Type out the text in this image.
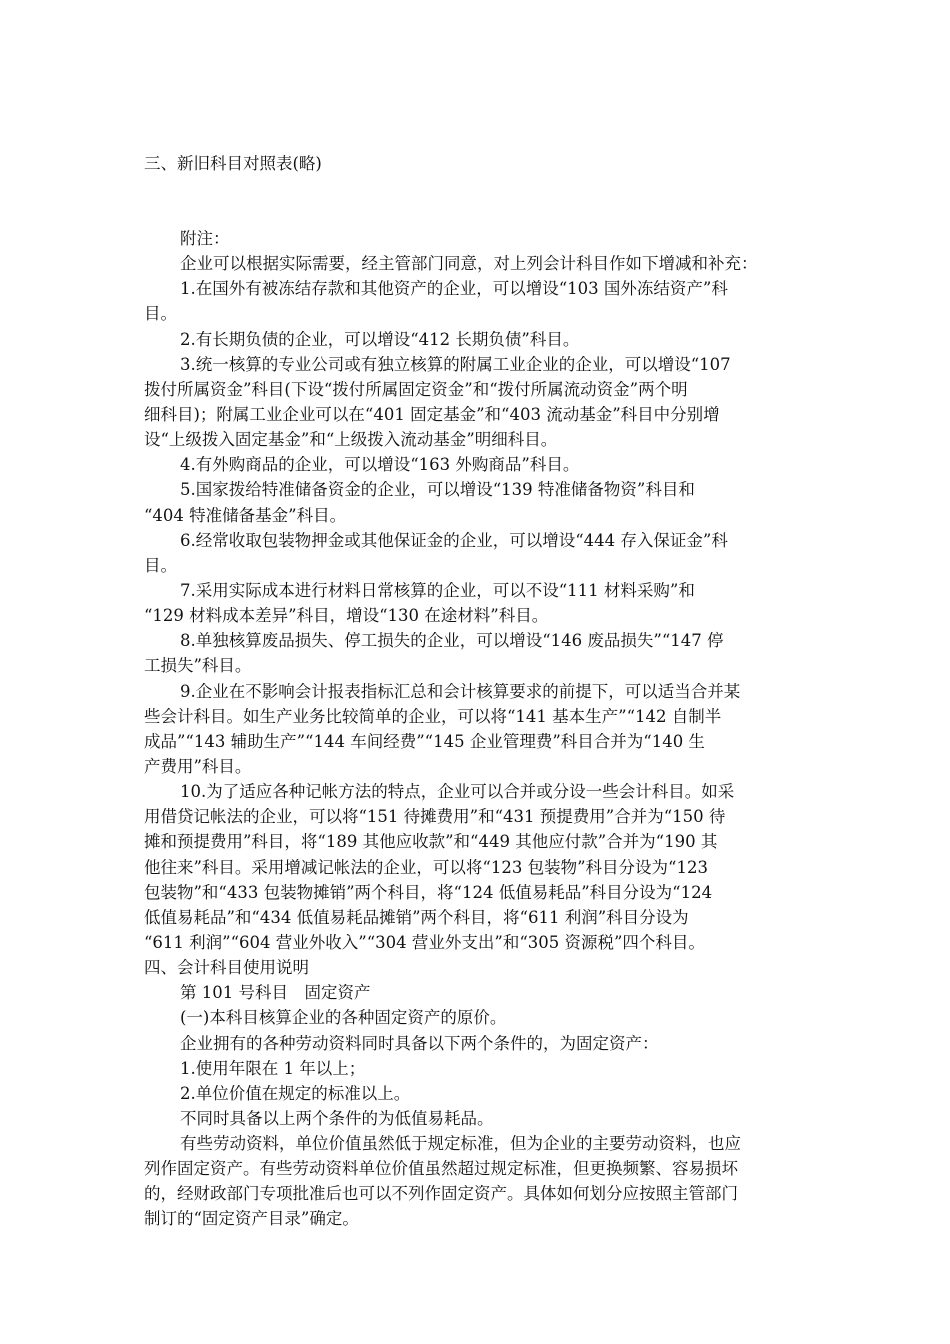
三、新旧科目对照表(略)
附注：
企业可以根据实际需要，经主管部门同意，对上列会计科目作如下增减和补充：
1.在国外有被冻结存款和其他资产的企业，可以增设“103 国外冻结资产”科
目。
2.有长期负债的企业，可以增设“412 长期负债”科目。
3.统一核算的专业公司或有独立核算的附属工业企业的企业，可以增设“107
拨付所属资金”科目(下设“拨付所属固定资金”和“拨付所属流动资金”两个明
细科目)；附属工业企业可以在“401 固定基金”和“403 流动基金”科目中分别增
设“上级拨入固定基金”和“上级拨入流动基金”明细科目。
4.有外购商品的企业，可以增设“163 外购商品”科目。
5.国家拨给特准储备资金的企业，可以增设“139 特准储备物资”科目和
“404 特准储备基金”科目。
6.经常收取包装物押金或其他保证金的企业，可以增设“444 存入保证金”科
目。
7.采用实际成本进行材料日常核算的企业，可以不设“111 材料采购”和
“129 材料成本差异”科目，增设“130 在途材料”科目。
8.单独核算废品损失、停工损失的企业，可以增设“146 废品损失”“147 停
工损失”科目。
9.企业在不影响会计报表指标汇总和会计核算要求的前提下，可以适当合并某
些会计科目。如生产业务比较简单的企业，可以将“141 基本生产”“142 自制半
成品”“143 辅助生产”“144 车间经费”“145 企业管理费”科目合并为“140 生
产费用”科目。
10.为了适应各种记帐方法的特点，企业可以合并或分设一些会计科目。如采
用借贷记帐法的企业，可以将“151 待摊费用”和“431 预提费用”合并为“150 待
摊和预提费用”科目，将“189 其他应收款”和“449 其他应付款”合并为“190 其
他往来”科目。采用增减记帐法的企业，可以将“123 包装物”科目分设为“123
包装物”和“433 包装物摊销”两个科目，将“124 低值易耗品”科目分设为“124
低值易耗品”和“434 低值易耗品摊销”两个科目，将“611 利润”科目分设为
“611 利润”“604 营业外收入”“304 营业外支出”和“305 资源税”四个科目。
四、会计科目使用说明
第 101 号科目　固定资产
(一)本科目核算企业的各种固定资产的原价。
企业拥有的各种劳动资料同时具备以下两个条件的，为固定资产：
1.使用年限在 1 年以上；
2.单位价值在规定的标准以上。
不同时具备以上两个条件的为低值易耗品。
有些劳动资料，单位价值虽然低于规定标准，但为企业的主要劳动资料，也应
列作固定资产。有些劳动资料单位价值虽然超过规定标准，但更换频繁、容易损坏
的，经财政部门专项批准后也可以不列作固定资产。具体如何划分应按照主管部门
制订的“固定资产目录”确定。
